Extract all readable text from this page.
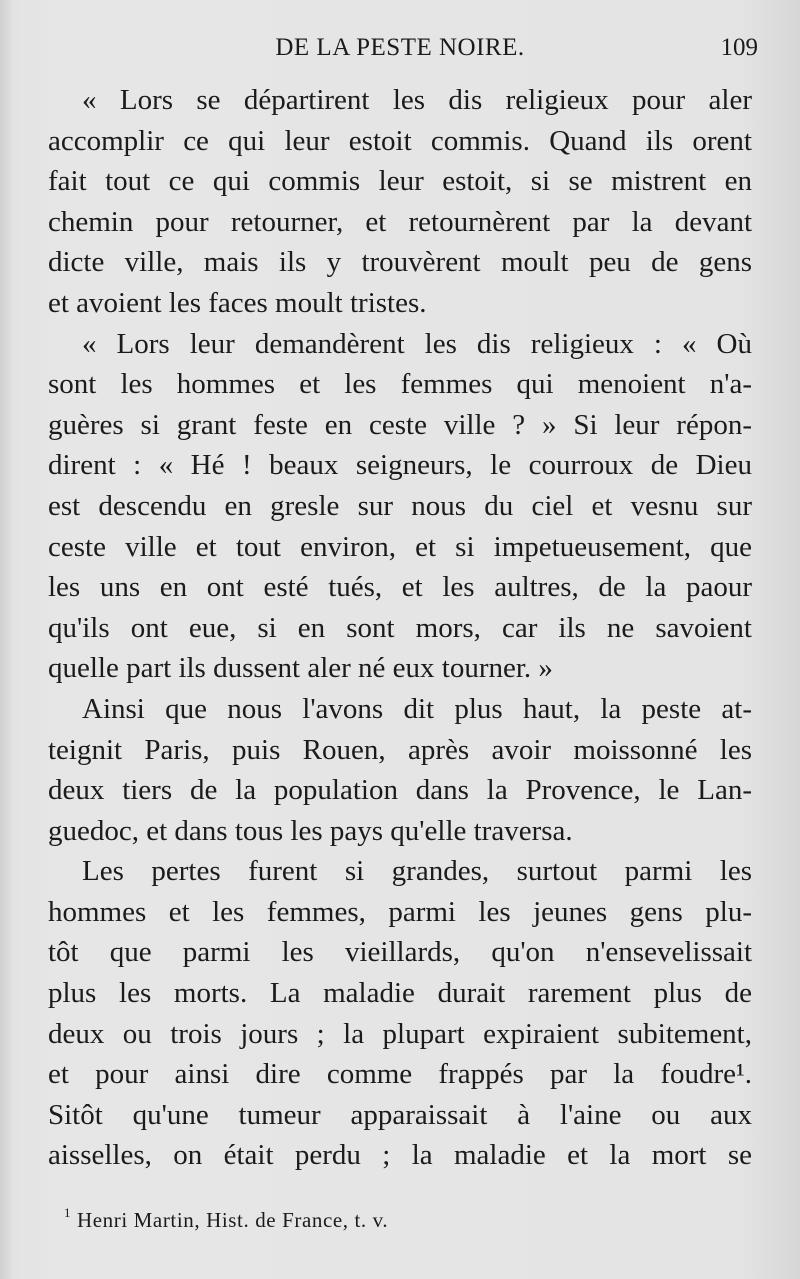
DE LA PESTE NOIRE.	109
« Lors se départirent les dis religieux pour aler
accomplir ce qui leur estoit commis. Quand ils orent
fait tout ce qui commis leur estoit, si se mistrent en
chemin pour retourner, et retournèrent par la devant
dicte ville, mais ils y trouvèrent moult peu de gens
et avoient les faces moult tristes.
« Lors leur demandèrent les dis religieux : « Où
sont les hommes et les femmes qui menoient n'a-
guères si grant feste en ceste ville ? » Si leur répon-
dirent : « Hé ! beaux seigneurs, le courroux de Dieu
est descendu en gresle sur nous du ciel et vesnu sur
ceste ville et tout environ, et si impetueusement, que
les uns en ont esté tués, et les aultres, de la paour
qu'ils ont eue, si en sont mors, car ils ne savoient
quelle part ils dussent aler né eux tourner. »
Ainsi que nous l'avons dit plus haut, la peste at-
teignit Paris, puis Rouen, après avoir moissonné les
deux tiers de la population dans la Provence, le Lan-
guedoc, et dans tous les pays qu'elle traversa.
Les pertes furent si grandes, surtout parmi les
hommes et les femmes, parmi les jeunes gens plu-
tôt que parmi les vieillards, qu'on n'ensevelissait
plus les morts. La maladie durait rarement plus de
deux ou trois jours ; la plupart expiraient subitement,
et pour ainsi dire comme frappés par la foudre¹.
Sitôt qu'une tumeur apparaissait à l'aine ou aux
aisselles, on était perdu ; la maladie et la mort se
$^1$ Henri Martin, Hist. de France, t. v.
